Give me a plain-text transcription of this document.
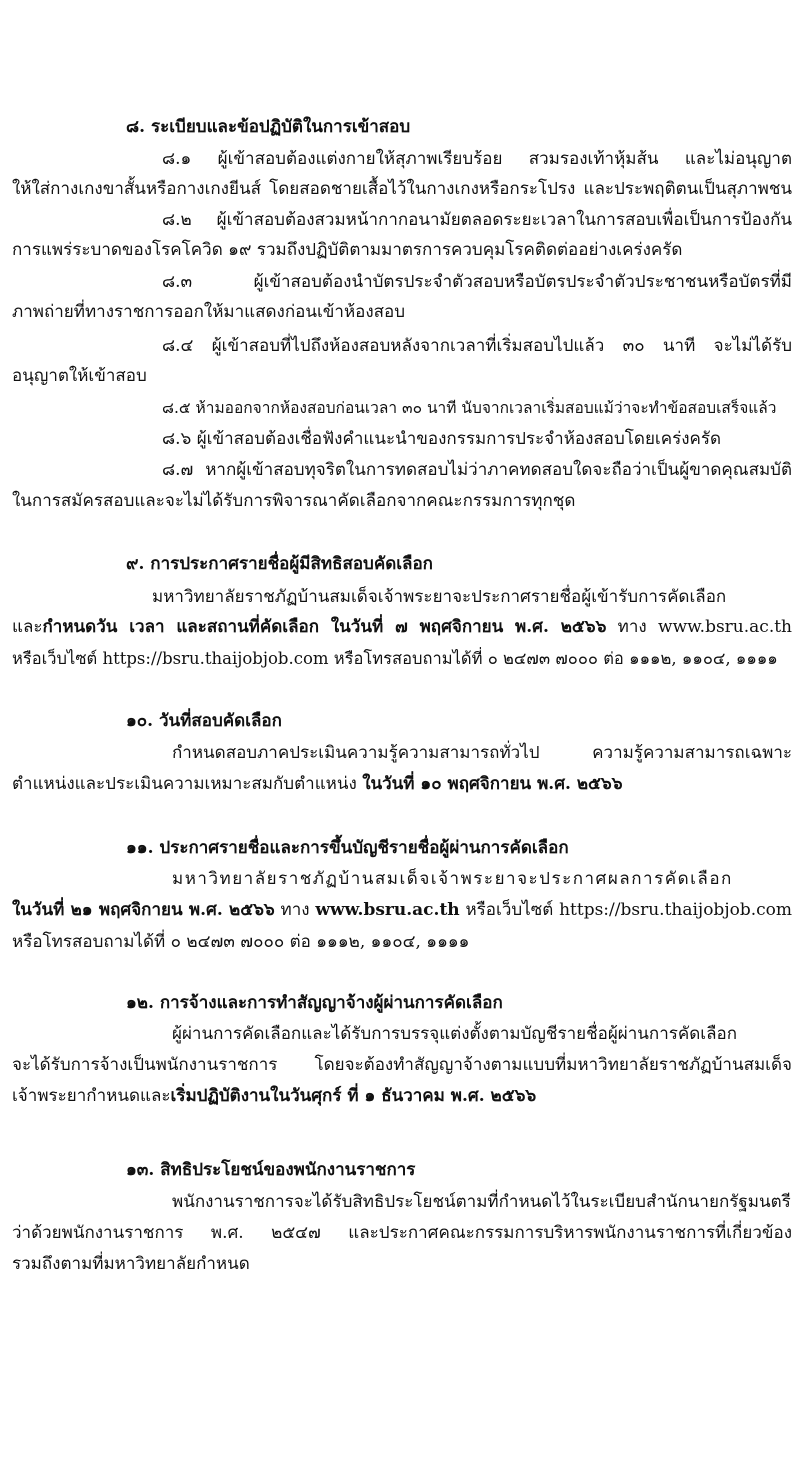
๘. ระเบียบและข้อปฏิบัติในการเข้าสอบ
๘.๑ ผู้เข้าสอบต้องแต่งกายให้สุภาพเรียบร้อย สวมรองเท้าหุ้มส้น และไม่อนุญาต
ให้ใส่กางเกงขาสั้นหรือกางเกงยีนส์ โดยสอดชายเสื้อไว้ในกางเกงหรือกระโปรง และประพฤติตนเป็นสุภาพชน
๘.๒ ผู้เข้าสอบต้องสวมหน้ากากอนามัยตลอดระยะเวลาในการสอบเพื่อเป็นการป้องกัน
การแพร่ระบาดของโรคโควิด ๑๙ รวมถึงปฏิบัติตามมาตรการควบคุมโรคติดต่ออย่างเคร่งครัด
๘.๓ ผู้เข้าสอบต้องนำบัตรประจำตัวสอบหรือบัตรประจำตัวประชาชนหรือบัตรที่มี
ภาพถ่ายที่ทางราชการออกให้มาแสดงก่อนเข้าห้องสอบ
๘.๔ ผู้เข้าสอบที่ไปถึงห้องสอบหลังจากเวลาที่เริ่มสอบไปแล้ว ๓๐ นาที จะไม่ได้รับ
อนุญาตให้เข้าสอบ
๘.๕ ห้ามออกจากห้องสอบก่อนเวลา ๓๐ นาที นับจากเวลาเริ่มสอบแม้ว่าจะทำข้อสอบเสร็จแล้ว
๘.๖ ผู้เข้าสอบต้องเชื่อฟังคำแนะนำของกรรมการประจำห้องสอบโดยเคร่งครัด
๘.๗ หากผู้เข้าสอบทุจริตในการทดสอบไม่ว่าภาคทดสอบใดจะถือว่าเป็นผู้ขาดคุณสมบัติ
ในการสมัครสอบและจะไม่ได้รับการพิจารณาคัดเลือกจากคณะกรรมการทุกชุด
๙. การประกาศรายชื่อผู้มีสิทธิสอบคัดเลือก
มหาวิทยาลัยราชภัฏบ้านสมเด็จเจ้าพระยาจะประกาศรายชื่อผู้เข้ารับการคัดเลือก
และกำหนดวัน เวลา และสถานที่คัดเลือก ในวันที่ ๗ พฤศจิกายน พ.ศ. ๒๕๖๖ ทาง www.bsru.ac.th
หรือเว็บไซต์ https://bsru.thaijobjob.com หรือโทรสอบถามได้ที่ ๐ ๒๔๗๓ ๗๐๐๐ ต่อ ๑๑๑๒, ๑๑๐๔, ๑๑๑๑
๑๐. วันที่สอบคัดเลือก
กำหนดสอบภาคประเมินความรู้ความสามารถทั่วไป ความรู้ความสามารถเฉพาะ
ตำแหน่งและประเมินความเหมาะสมกับตำแหน่ง ในวันที่ ๑๐ พฤศจิกายน พ.ศ. ๒๕๖๖
๑๑. ประกาศรายชื่อและการขึ้นบัญชีรายชื่อผู้ผ่านการคัดเลือก
มหาวิทยาลัยราชภัฏบ้านสมเด็จเจ้าพระยาจะประกาศผลการคัดเลือก
ในวันที่ ๒๑ พฤศจิกายน พ.ศ. ๒๕๖๖ ทาง www.bsru.ac.th หรือเว็บไซต์ https://bsru.thaijobjob.com
หรือโทรสอบถามได้ที่ ๐ ๒๔๗๓ ๗๐๐๐ ต่อ ๑๑๑๒, ๑๑๐๔, ๑๑๑๑
๑๒. การจ้างและการทำสัญญาจ้างผู้ผ่านการคัดเลือก
ผู้ผ่านการคัดเลือกและได้รับการบรรจุแต่งตั้งตามบัญชีรายชื่อผู้ผ่านการคัดเลือก
จะได้รับการจ้างเป็นพนักงานราชการ โดยจะต้องทำสัญญาจ้างตามแบบที่มหาวิทยาลัยราชภัฏบ้านสมเด็จ
เจ้าพระยากำหนดและเริ่มปฏิบัติงานในวันศุกร์ ที่ ๑ ธันวาคม พ.ศ. ๒๕๖๖
๑๓. สิทธิประโยชน์ของพนักงานราชการ
พนักงานราชการจะได้รับสิทธิประโยชน์ตามที่กำหนดไว้ในระเบียบสำนักนายกรัฐมนตรี
ว่าด้วยพนักงานราชการ พ.ศ. ๒๕๔๗ และประกาศคณะกรรมการบริหารพนักงานราชการที่เกี่ยวข้อง
รวมถึงตามที่มหาวิทยาลัยกำหนด
